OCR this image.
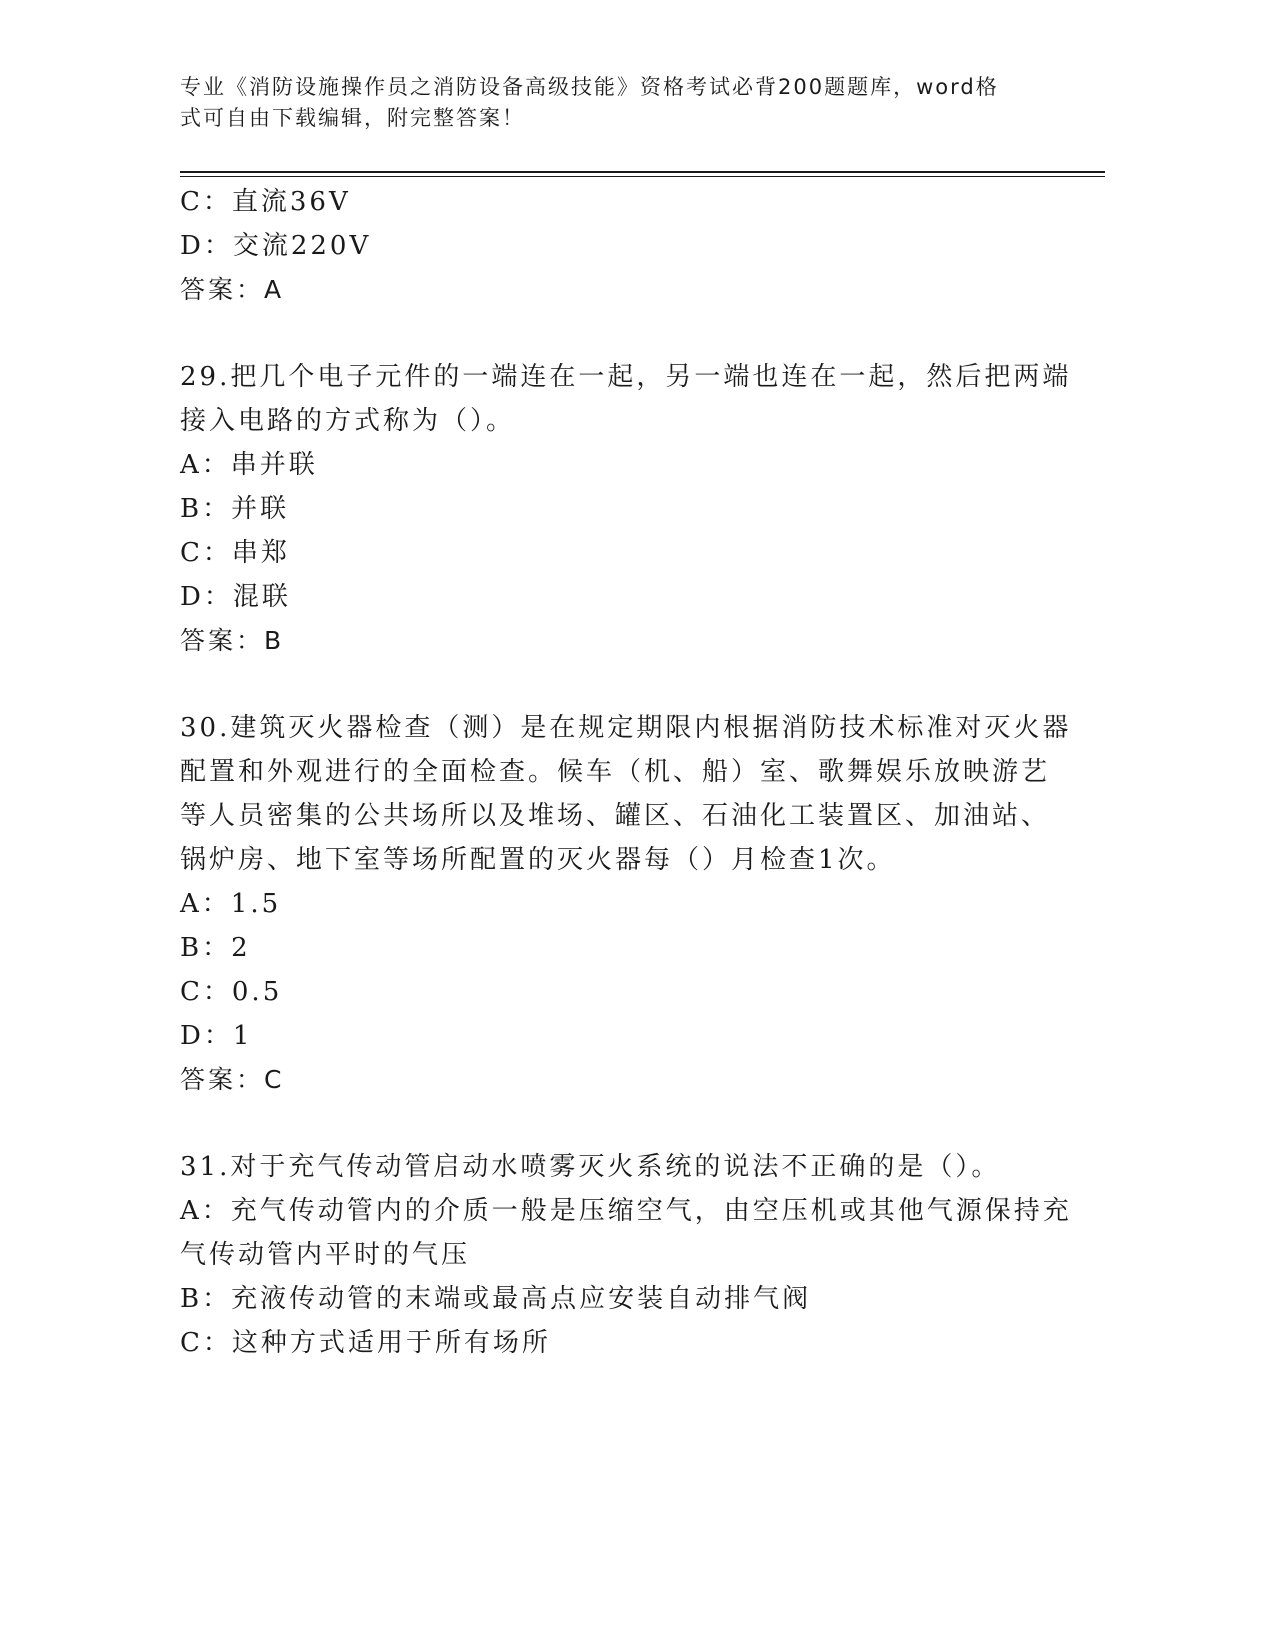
专业《消防设施操作员之消防设备高级技能》资格考试必背200题题库，word格
式可自由下载编辑，附完整答案！
C：直流36V
D：交流220V
答案：A
29.把几个电子元件的一端连在一起，另一端也连在一起，然后把两端
接入电路的方式称为（）。
A：串并联
B：并联
C：串郑
D：混联
答案：B
30.建筑灭火器检查（测）是在规定期限内根据消防技术标准对灭火器
配置和外观进行的全面检查。候车（机、船）室、歌舞娱乐放映游艺
等人员密集的公共场所以及堆场、罐区、石油化工装置区、加油站、
锅炉房、地下室等场所配置的灭火器每（）月检查1次。
A：1.5
B：2
C：0.5
D：1
答案：C
31.对于充气传动管启动水喷雾灭火系统的说法不正确的是（）。
A：充气传动管内的介质一般是压缩空气，由空压机或其他气源保持充
气传动管内平时的气压
B：充液传动管的末端或最高点应安装自动排气阀
C：这种方式适用于所有场所
